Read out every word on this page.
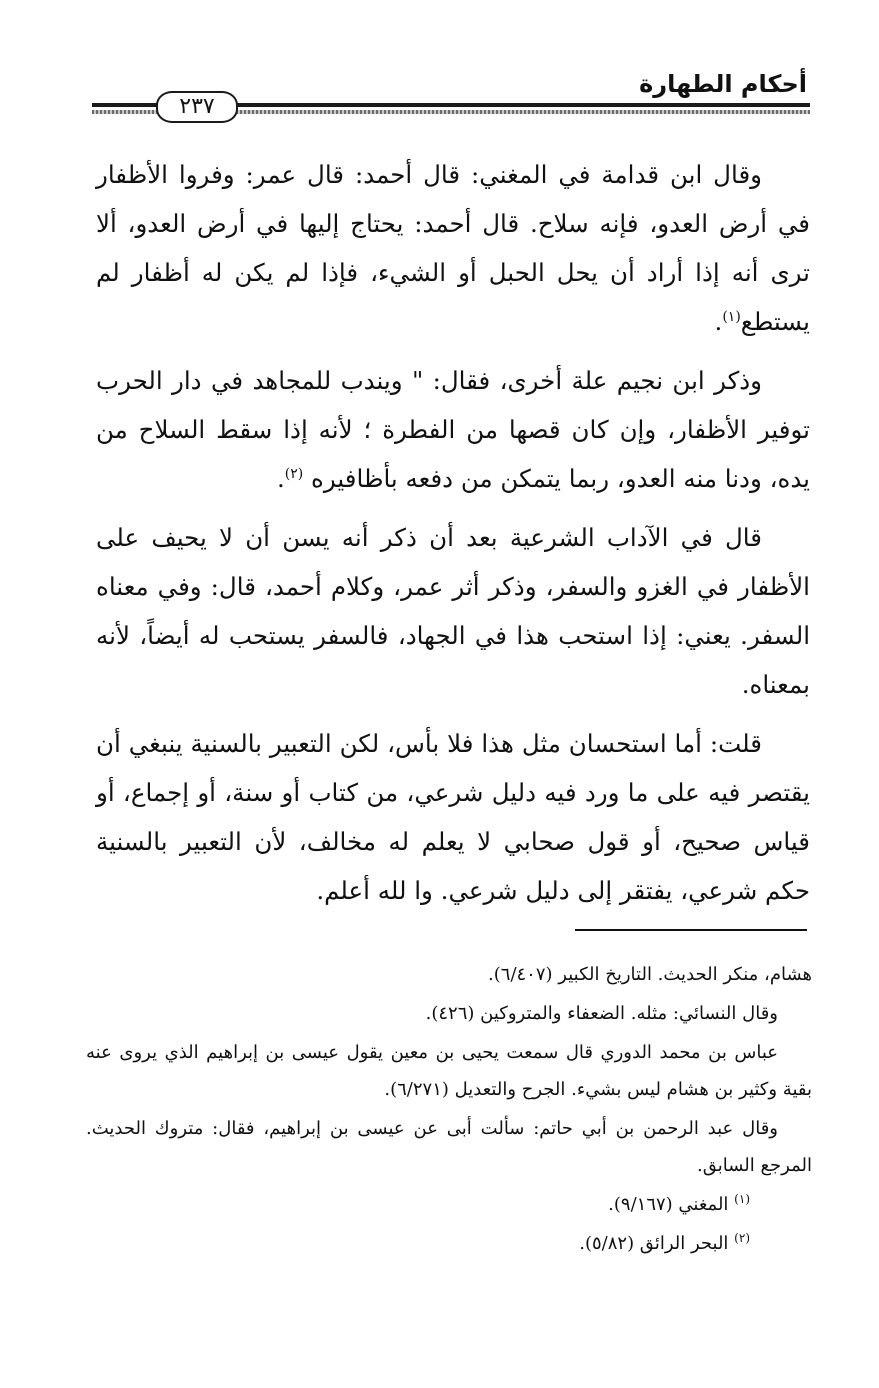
أحكام الطهارة
٢٣٧

وقال ابن قدامة في المغني: قال أحمد: قال عمر: وفروا الأظفار في أرض العدو، فإنه سلاح. قال أحمد: يحتاج إليها في أرض العدو، ألا ترى أنه إذا أراد أن يحل الحبل أو الشيء، فإذا لم يكن له أظفار لم يستطع$^{(١)}$.

وذكر ابن نجيم علة أخرى، فقال: " ويندب للمجاهد في دار الحرب توفير الأظفار، وإن كان قصها من الفطرة ؛ لأنه إذا سقط السلاح من يده، ودنا منه العدو، ربما يتمكن من دفعه بأظافيره $^{(٢)}$.

قال في الآداب الشرعية بعد أن ذكر أنه يسن أن لا يحيف على الأظفار في الغزو والسفر، وذكر أثر عمر، وكلام أحمد، قال: وفي معناه السفر. يعني: إذا استحب هذا في الجهاد، فالسفر يستحب له أيضاً، لأنه بمعناه.

قلت: أما استحسان مثل هذا فلا بأس، لكن التعبير بالسنية ينبغي أن يقتصر فيه على ما ورد فيه دليل شرعي، من كتاب أو سنة، أو إجماع، أو قياس صحيح، أو قول صحابي لا يعلم له مخالف، لأن التعبير بالسنية حكم شرعي، يفتقر إلى دليل شرعي. وا لله أعلم.

هشام، منكر الحديث. التاريخ الكبير (٦/٤٠٧).

وقال النسائي: مثله. الضعفاء والمتروكين (٤٢٦).

عباس بن محمد الدوري قال سمعت يحيى بن معين يقول عيسى بن إبراهيم الذي يروى عنه بقية وكثير بن هشام ليس بشيء. الجرح والتعديل (٦/٢٧١).

وقال عبد الرحمن بن أبي حاتم: سألت أبى عن عيسى بن إبراهيم، فقال: متروك الحديث. المرجع السابق.

$^{(١)}$ المغني (٩/١٦٧).

$^{(٢)}$ البحر الرائق (٥/٨٢).
